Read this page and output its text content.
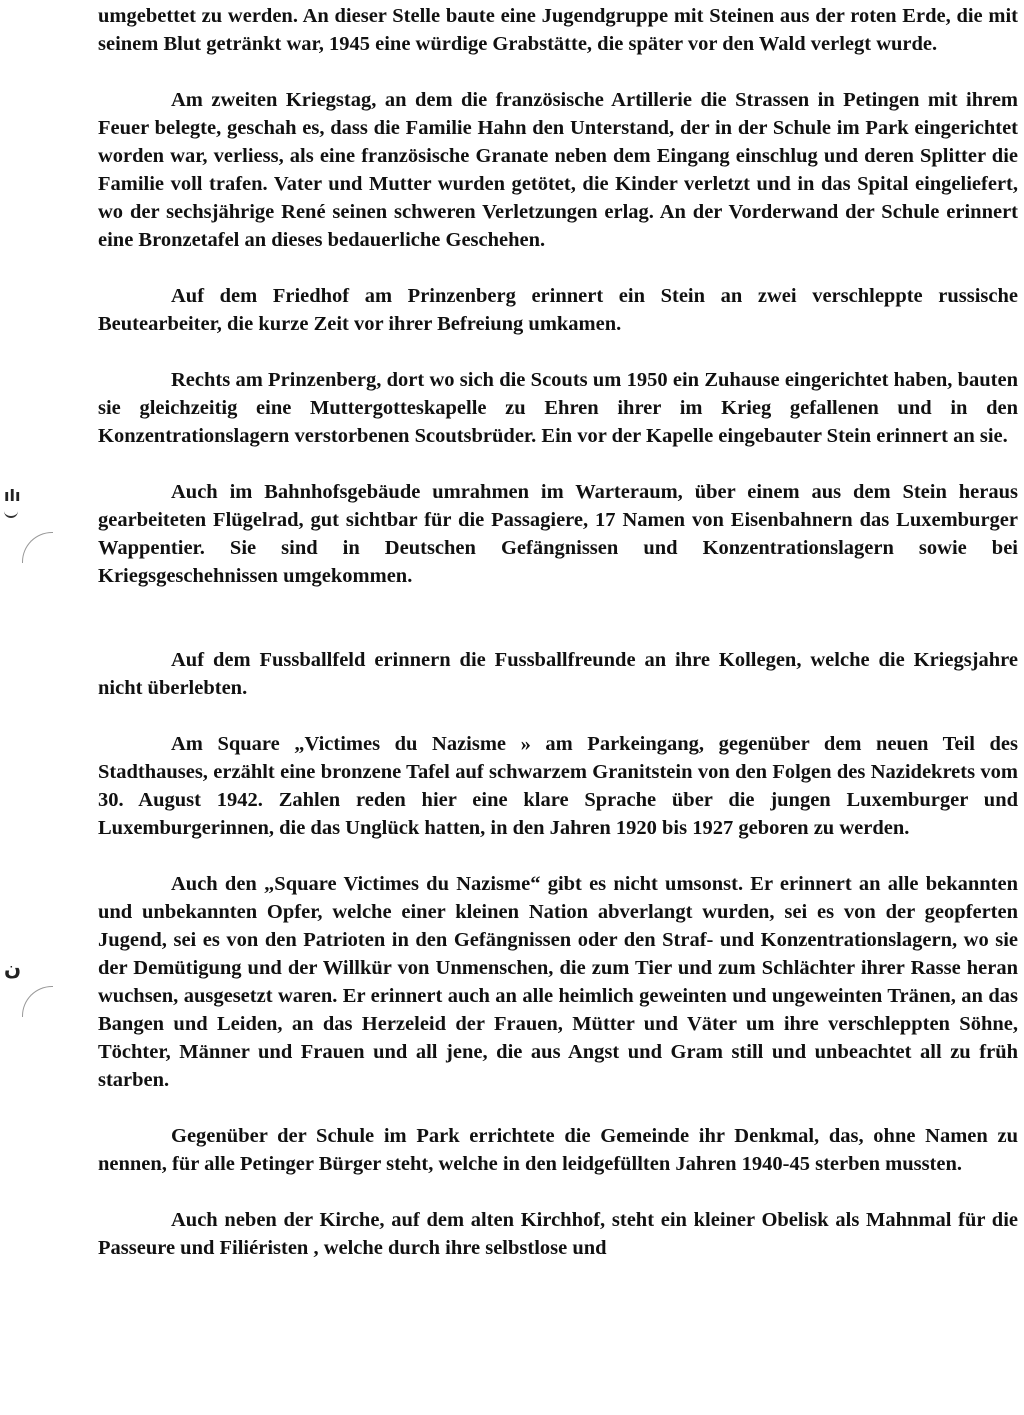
ılı
ن

umgebettet zu werden. An dieser Stelle baute eine Jugendgruppe mit Steinen aus der roten Erde, die mit seinem Blut getränkt war, 1945 eine würdige Grabstätte, die später vor den Wald verlegt wurde.

Am zweiten Kriegstag, an dem die französische Artillerie die Strassen in Petingen mit ihrem Feuer belegte, geschah es, dass die Familie Hahn den Unterstand, der in der Schule im Park eingerichtet worden war, verliess, als eine französische Granate neben dem Eingang einschlug und deren Splitter die Familie voll trafen. Vater und Mutter wurden getötet, die Kinder verletzt und in das Spital eingeliefert, wo der sechsjährige René seinen schweren Verletzungen erlag. An der Vorderwand der Schule erinnert eine Bronzetafel an dieses bedauerliche Geschehen.

Auf dem Friedhof am Prinzenberg erinnert ein Stein an zwei verschleppte russische Beutearbeiter, die kurze Zeit vor ihrer Befreiung umkamen.

Rechts am Prinzenberg, dort wo sich die Scouts um 1950 ein Zuhause eingerichtet haben, bauten sie gleichzeitig eine Muttergotteskapelle zu Ehren ihrer im Krieg gefallenen und in den Konzentrationslagern verstorbenen Scoutsbrüder. Ein vor der Kapelle eingebauter Stein erinnert an sie.

Auch im Bahnhofsgebäude umrahmen im Warteraum, über einem aus dem Stein heraus gearbeiteten Flügelrad, gut sichtbar für die Passagiere, 17 Namen von Eisenbahnern das Luxemburger Wappentier. Sie sind in Deutschen Gefängnissen und Konzentrationslagern sowie bei Kriegsgeschehnissen umgekommen.

Auf dem Fussballfeld erinnern die Fussballfreunde an ihre Kollegen, welche die Kriegsjahre nicht überlebten.

Am Square „Victimes du Nazisme » am Parkeingang, gegenüber dem neuen Teil des Stadthauses, erzählt eine bronzene Tafel auf schwarzem Granitstein von den Folgen des Nazidekrets vom 30. August 1942. Zahlen reden hier eine klare Sprache über die jungen Luxemburger und Luxemburgerinnen, die das Unglück hatten, in den Jahren 1920 bis 1927 geboren zu werden.

Auch den „Square Victimes du Nazisme“ gibt es nicht umsonst. Er erinnert an alle bekannten und unbekannten Opfer, welche einer kleinen Nation abverlangt wurden, sei es von der geopferten Jugend, sei es von den Patrioten in den Gefängnissen oder den Straf- und Konzentrationslagern, wo sie der Demütigung und der Willkür von Unmenschen, die zum Tier und zum Schlächter ihrer Rasse heran wuchsen, ausgesetzt waren. Er erinnert auch an alle heimlich geweinten und ungeweinten Tränen, an das Bangen und Leiden, an das Herzeleid der Frauen, Mütter und Väter um ihre verschleppten Söhne, Töchter, Männer und Frauen und all jene, die aus Angst und Gram still und unbeachtet all zu früh starben.

Gegenüber der Schule im Park errichtete die Gemeinde ihr Denkmal, das, ohne Namen zu nennen, für alle Petinger Bürger steht, welche in den leidgefüllten Jahren 1940-45 sterben mussten.

Auch neben der Kirche, auf dem alten Kirchhof, steht ein kleiner Obelisk als Mahnmal für die Passeure und Filiéristen , welche durch ihre selbstlose und
